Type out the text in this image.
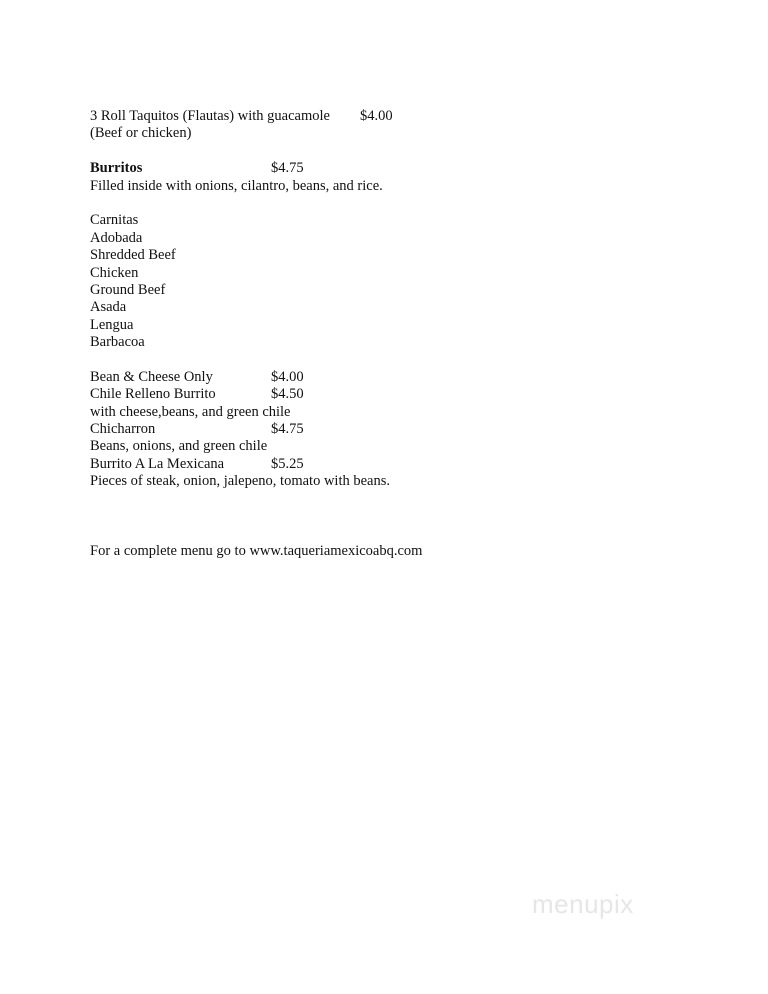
3 Roll Taquitos (Flautas) with guacamole $4.00
(Beef or chicken)
Burritos	$4.75
Filled inside with onions, cilantro, beans, and rice.
Carnitas
Adobada
Shredded Beef
Chicken
Ground Beef
Asada
Lengua
Barbacoa
Bean & Cheese Only	$4.00
Chile Relleno Burrito	$4.50
with cheese,beans, and green chile
Chicharron	$4.75
Beans, onions, and green chile
Burrito A La Mexicana	$5.25
Pieces of steak, onion, jalepeno, tomato with beans.
For a complete menu go to www.taqueriamexicoabq.com
menupix
